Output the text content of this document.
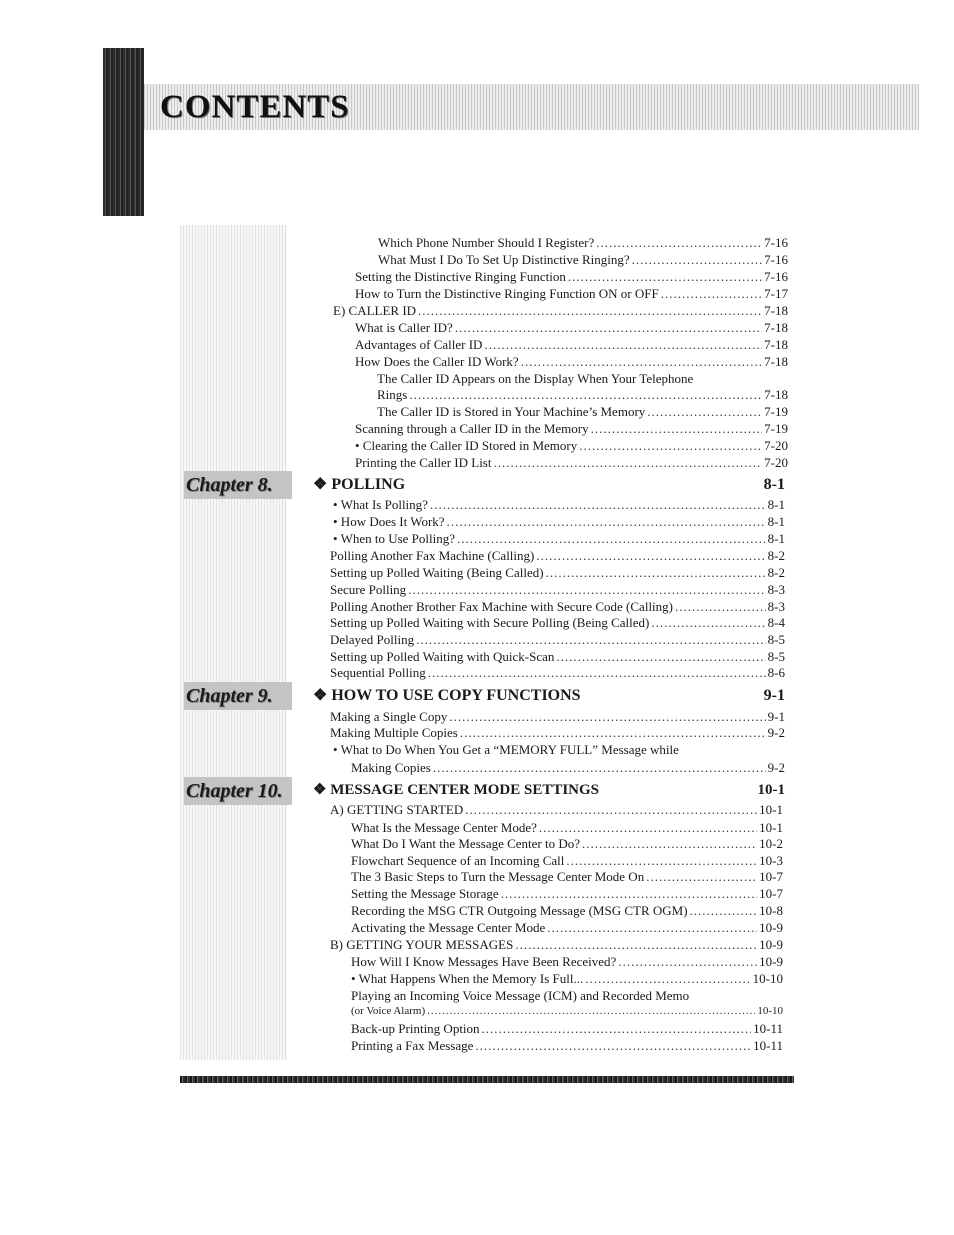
CONTENTS
Chapter 8.
Chapter 9.
Chapter 10.
❖ POLLING	8-1
❖ HOW TO USE COPY FUNCTIONS	9-1
❖ MESSAGE CENTER MODE SETTINGS	10-1
Which Phone Number Should I Register? .....	7-16
What Must I Do To Set Up Distinctive Ringing? .....	7-16
Setting the Distinctive Ringing Function .....	7-16
How to Turn the Distinctive Ringing Function ON or OFF .....	7-17
E) CALLER ID .....	7-18
What is Caller ID? .....	7-18
Advantages of Caller ID .....	7-18
How Does the Caller ID Work? .....	7-18
The Caller ID Appears on the Display When Your Telephone
Rings .....	7-18
The Caller ID is Stored in Your Machine’s Memory .....	7-19
Scanning through a Caller ID in the Memory .....	7-19
• Clearing the Caller ID Stored in Memory .....	7-20
Printing the Caller ID List .....	7-20
• What Is Polling? .....	8-1
• How Does It Work? .....	8-1
• When to Use Polling? .....	8-1
Polling Another Fax Machine (Calling) .....	8-2
Setting up Polled Waiting (Being Called) .....	8-2
Secure Polling .....	8-3
Polling Another Brother Fax Machine with Secure Code (Calling) .....	8-3
Setting up Polled Waiting with Secure Polling (Being Called) .....	8-4
Delayed Polling .....	8-5
Setting up Polled Waiting with Quick-Scan .....	8-5
Sequential Polling .....	8-6
Making a Single Copy .....	9-1
Making Multiple Copies .....	9-2
• What to Do When You Get a “MEMORY FULL” Message while
Making Copies .....	9-2
A) GETTING STARTED .....	10-1
What Is the Message Center Mode? .....	10-1
What Do I Want the Message Center to Do? .....	10-2
Flowchart Sequence of an Incoming Call .....	10-3
The 3 Basic Steps to Turn the Message Center Mode On .....	10-7
Setting the Message Storage .....	10-7
Recording the MSG CTR Outgoing Message (MSG CTR OGM) .....	10-8
Activating the Message Center Mode .....	10-9
B) GETTING YOUR MESSAGES .....	10-9
How Will I Know Messages Have Been Received? .....	10-9
• What Happens When the Memory Is Full... .....	10-10
Playing an Incoming Voice Message (ICM) and Recorded Memo
(or Voice Alarm) .....	10-10
Back-up Printing Option .....	10-11
Printing a Fax Message .....	10-11
